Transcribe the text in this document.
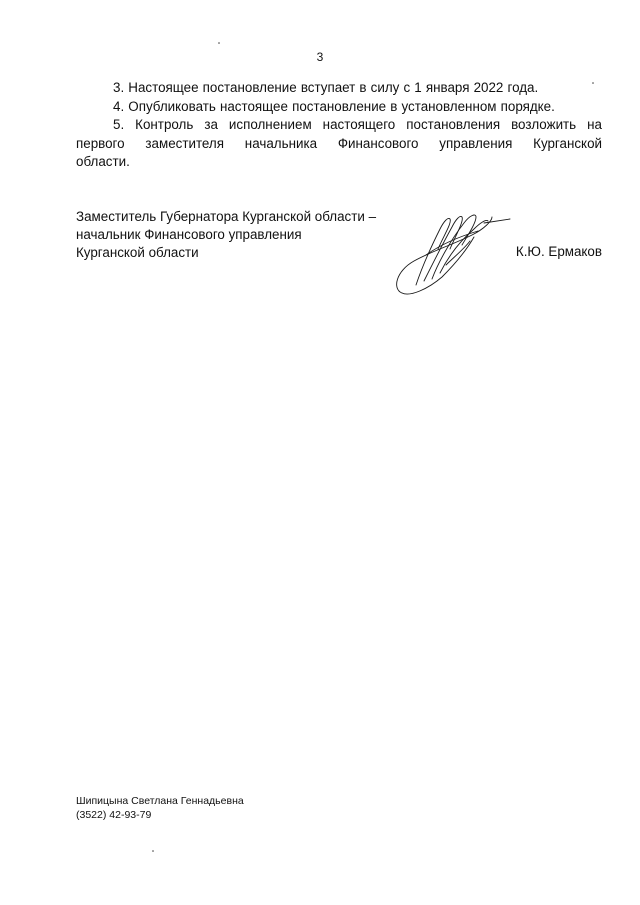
3

3. Настоящее постановление вступает в силу с 1 января 2022 года.

4. Опубликовать настоящее постановление в установленном порядке.

5. Контроль за исполнением настоящего постановления возложить на первого заместителя начальника Финансового управления Курганской

области.

Заместитель Губернатора Курганской области –
начальник Финансового управления
Курганской области	К.Ю. Ермаков
Шипицына Светлана Геннадьевна
(3522) 42-93-79
